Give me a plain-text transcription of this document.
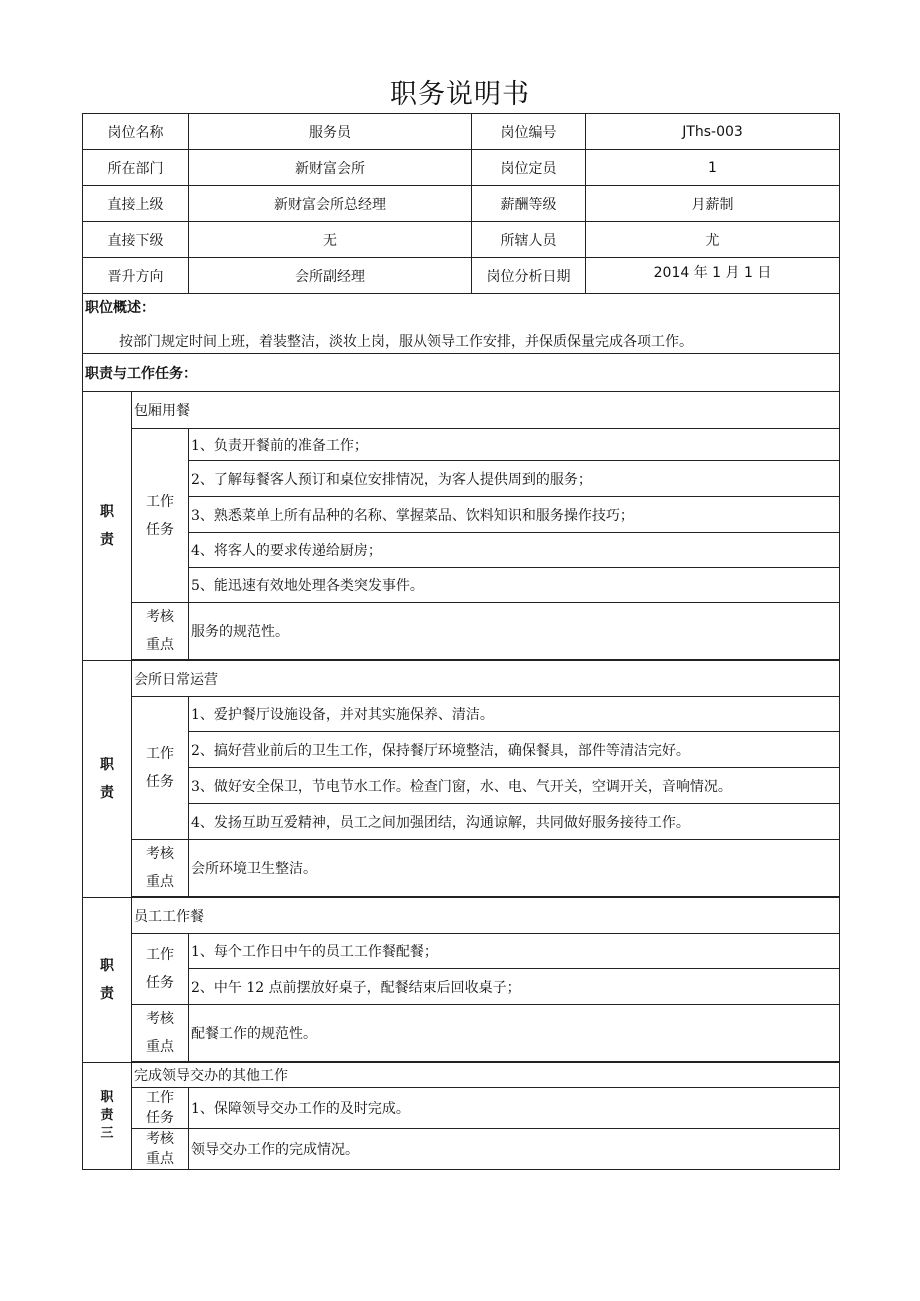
职务说明书
岗位名称		服务员	岗位编号	JThs-003
所在部门		新财富会所	岗位定员	1
直接上级		新财富会所总经理	薪酬等级	月薪制
直接下级		无	所辖人员	尤
晋升方向		会所副经理	岗位分析日期	2014 年 1 月 1 日

职位概述：
按部门规定时间上班，着装整洁，淡妆上岗，服从领导工作安排，并保质保量完成各项工作。				

职责与工作任务：				

职
责	包厢用餐			

	工作
任务	1、负责开餐前的准备工作；		
		2、了解每餐客人预订和桌位安排情况，为客人提供周到的服务；		
		3、熟悉菜单上所有品种的名称、掌握菜品、饮料知识和服务操作技巧；		
		4、将客人的要求传递给厨房；		
		5、能迅速有效地处理各类突发事件。		

	考核
重点	服务的规范性。		

职
责	会所日常运营			

	工作
任务	1、爱护餐厅设施设备，并对其实施保养、清洁。		
		2、搞好营业前后的卫生工作，保持餐厅环境整洁，确保餐具，部件等清洁完好。		
		3、做好安全保卫，节电节水工作。检查门窗，水、电、气开关，空调开关，音响情况。		
		4、发扬互助互爱精神，员工之间加强团结，沟通谅解，共同做好服务接待工作。		

	考核
重点	会所环境卫生整洁。		

职
责	员工工作餐			

	工作
任务	1、每个工作日中午的员工工作餐配餐；		
		2、中午 12 点前摆放好桌子，配餐结束后回收桌子；		

	考核
重点	配餐工作的规范性。		

职
责
三	完成领导交办的其他工作			

	工作
任务	1、保障领导交办工作的及时完成。		

	考核
重点	领导交办工作的完成情况。		
